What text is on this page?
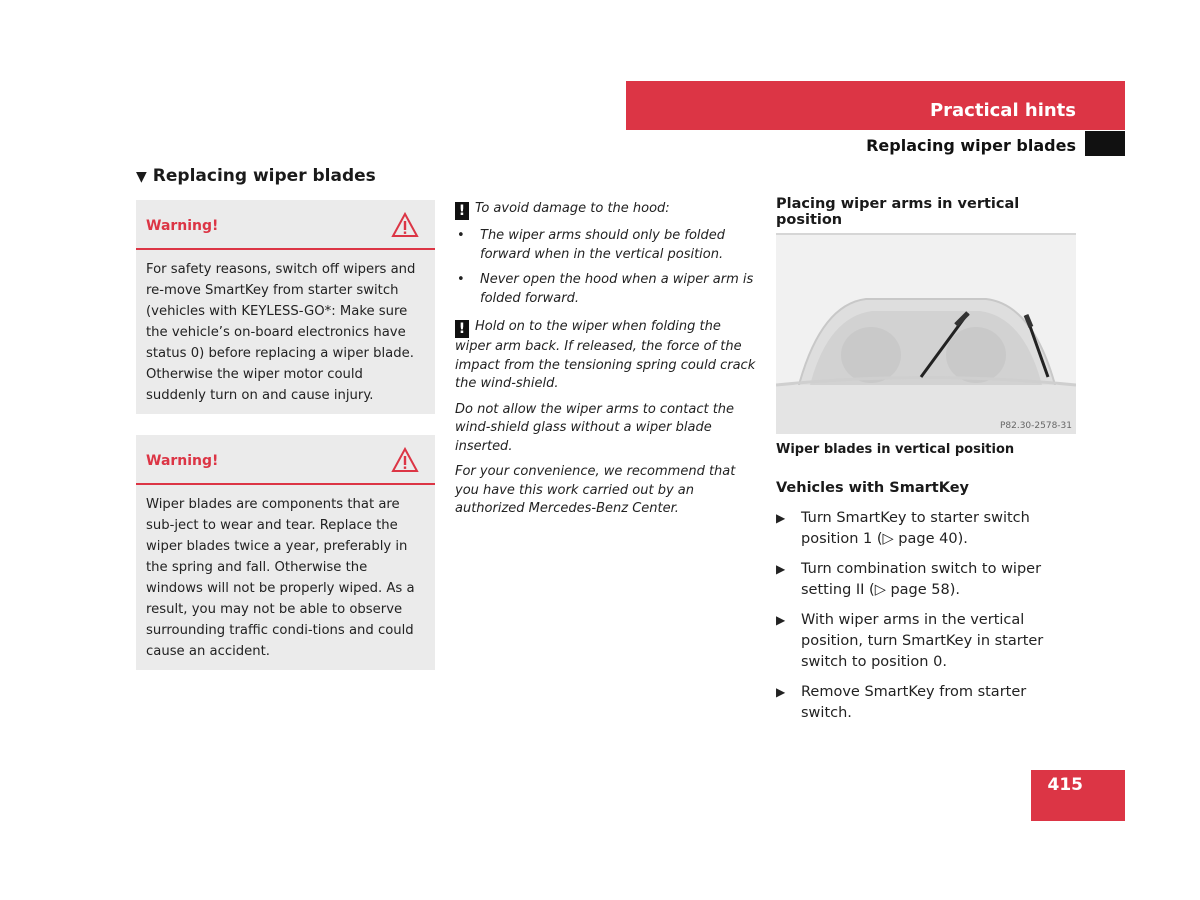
Practical hints
Replacing wiper blades
▼ Replacing wiper blades
Warning!
For safety reasons, switch off wipers and re-move SmartKey from starter switch (vehicles with KEYLESS-GO*: Make sure the vehicle’s on-board electronics have status 0) before replacing a wiper blade. Otherwise the wiper motor could suddenly turn on and cause injury.
Warning!
Wiper blades are components that are sub-ject to wear and tear. Replace the wiper blades twice a year, preferably in the spring and fall. Otherwise the windows will not be properly wiped. As a result, you may not be able to observe surrounding traffic condi-tions and could cause an accident.

! To avoid damage to the hood:

• The wiper arms should only be folded forward when in the vertical position.
• Never open the hood when a wiper arm is folded forward.

! Hold on to the wiper when folding the wiper arm back. If released, the force of the impact from the tensioning spring could crack the wind-shield.

Do not allow the wiper arms to contact the wind-shield glass without a wiper blade inserted.

For your convenience, we recommend that you have this work carried out by an authorized Mercedes-Benz Center.

Placing wiper arms in vertical position
P82.30-2578-31
Wiper blades in vertical position
Vehicles with SmartKey
▶ Turn SmartKey to starter switch position 1 (▷ page 40).
▶ Turn combination switch to wiper setting II (▷ page 58).
▶ With wiper arms in the vertical position, turn SmartKey in starter switch to position 0.
▶ Remove SmartKey from starter switch.
415
